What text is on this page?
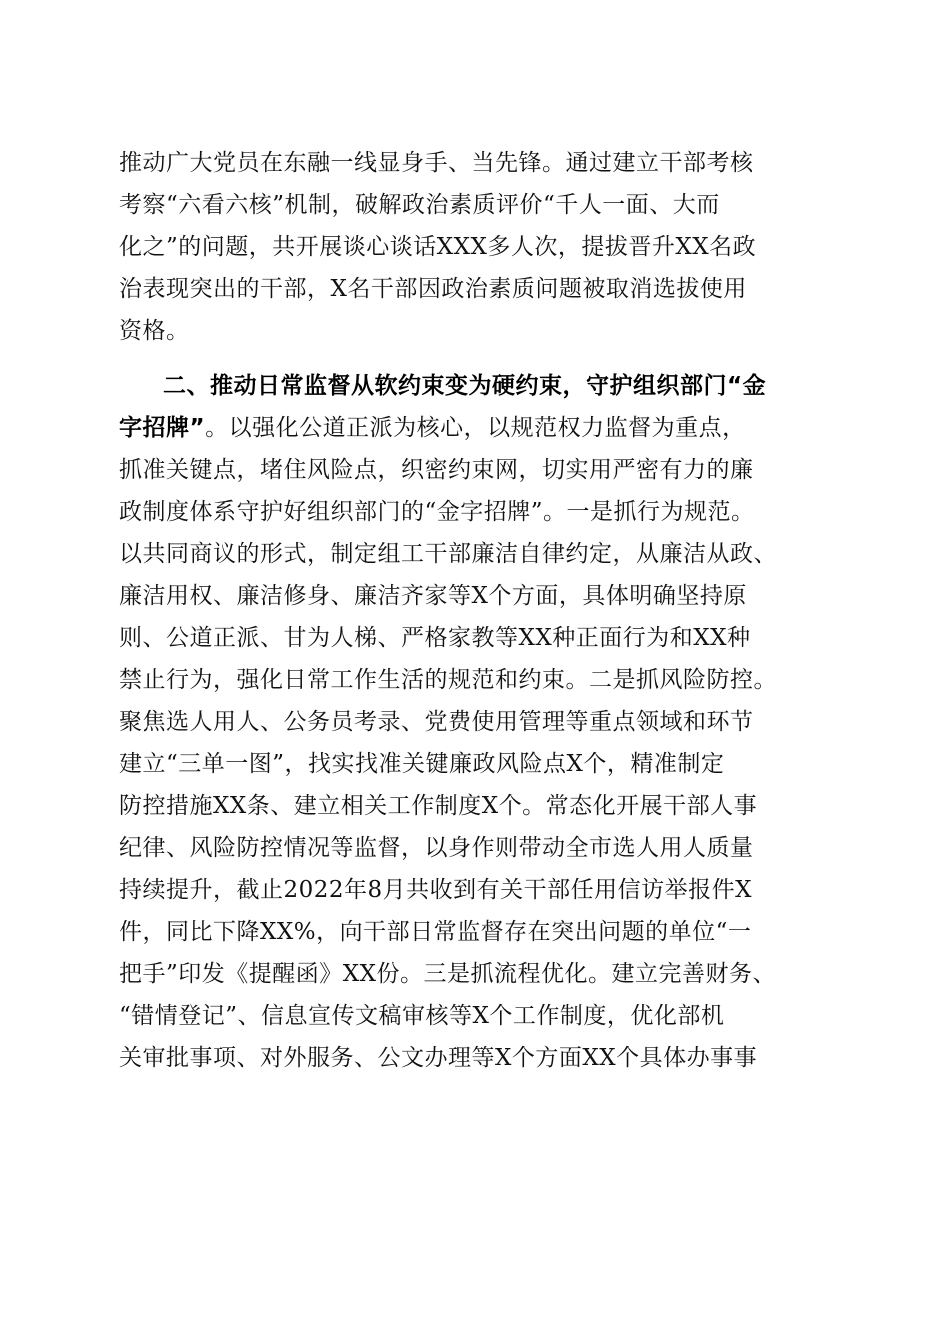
推动广大党员在东融一线显身手、当先锋。通过建立干部考核
考察“六看六核”机制，破解政治素质评价“千人一面、大而
化之”的问题，共开展谈心谈话XXX多人次，提拔晋升XX名政
治表现突出的干部，X名干部因政治素质问题被取消选拔使用
资格。
二、推动日常监督从软约束变为硬约束，守护组织部门“金
字招牌”。以强化公道正派为核心，以规范权力监督为重点，
抓准关键点，堵住风险点，织密约束网，切实用严密有力的廉
政制度体系守护好组织部门的“金字招牌”。一是抓行为规范。
以共同商议的形式，制定组工干部廉洁自律约定，从廉洁从政、
廉洁用权、廉洁修身、廉洁齐家等X个方面，具体明确坚持原
则、公道正派、甘为人梯、严格家教等XX种正面行为和XX种
禁止行为，强化日常工作生活的规范和约束。二是抓风险防控。
聚焦选人用人、公务员考录、党费使用管理等重点领域和环节
建立“三单一图”，找实找准关键廉政风险点X个，精准制定
防控措施XX条、建立相关工作制度X个。常态化开展干部人事
纪律、风险防控情况等监督，以身作则带动全市选人用人质量
持续提升，截止2022年8月共收到有关干部任用信访举报件X
件，同比下降XX%，向干部日常监督存在突出问题的单位“一
把手”印发《提醒函》XX份。三是抓流程优化。建立完善财务、
“错情登记”、信息宣传文稿审核等X个工作制度，优化部机
关审批事项、对外服务、公文办理等X个方面XX个具体办事事
